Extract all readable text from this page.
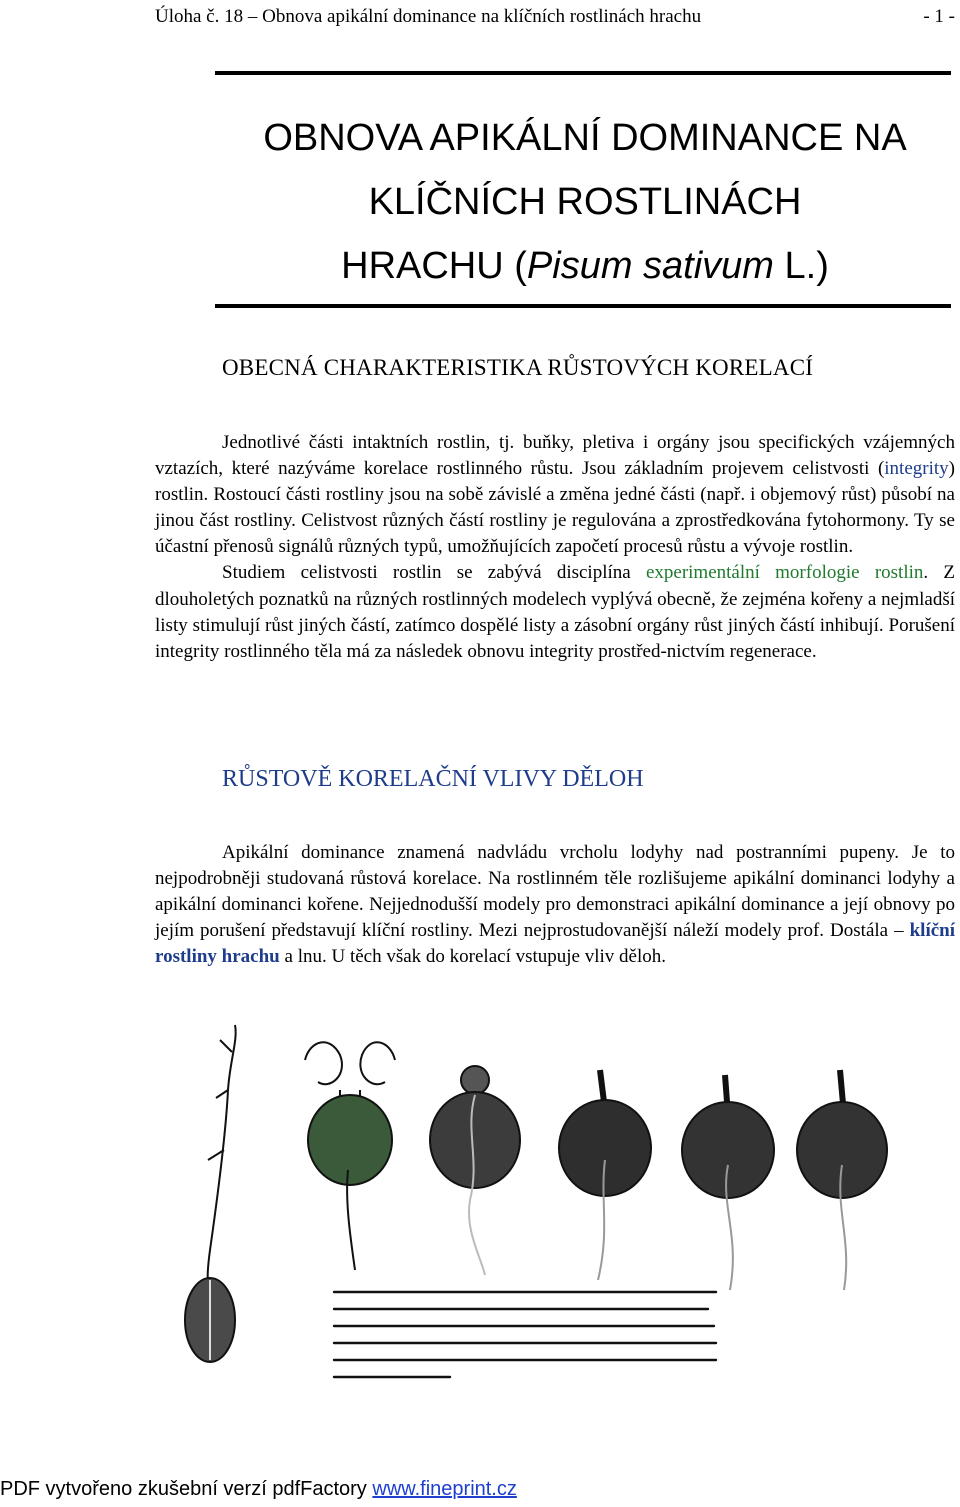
Úloha č. 18 – Obnova apikální dominance na klíčních rostlinách hrachu	- 1 -
OBNOVA APIKÁLNÍ DOMINANCE NA
KLÍČNÍCH ROSTLINÁCH
HRACHU (Pisum sativum L.)
OBECNÁ CHARAKTERISTIKA RŮSTOVÝCH KORELACÍ

Jednotlivé části intaktních rostlin, tj. buňky, pletiva i orgány jsou specifických vzájemných vztazích, které nazýváme korelace rostlinného růstu. Jsou základním projevem celistvosti (integrity) rostlin. Rostoucí části rostliny jsou na sobě závislé a změna jedné části (např. i objemový růst) působí na jinou část rostliny. Celistvost různých částí rostliny je regulována a zprostředkována fytohormony. Ty se účastní přenosů signálů různých typů, umožňujících započetí procesů růstu a vývoje rostlin.

Studiem celistvosti rostlin se zabývá disciplína experimentální morfologie rostlin. Z dlouholetých poznatků na různých rostlinných modelech vyplývá obecně, že zejména kořeny a nejmladší listy stimulují růst jiných částí, zatímco dospělé listy a zásobní orgány růst jiných částí inhibují. Porušení integrity rostlinného těla má za následek obnovu integrity prostřed-nictvím regenerace.

RŮSTOVĚ KORELAČNÍ VLIVY DĚLOH

Apikální dominance znamená nadvládu vrcholu lodyhy nad postranními pupeny. Je to nejpodrobněji studovaná růstová korelace. Na rostlinném těle rozlišujeme apikální dominanci lodyhy a apikální dominanci kořene. Nejjednodušší modely pro demonstraci apikální dominance a její obnovy po jejím porušení představují klíční rostliny. Mezi nejprostudovanější náleží modely prof. Dostála – klíční rostliny hrachu a lnu. U těch však do korelací vstupuje vliv děloh.

PDF vytvořeno zkušební verzí pdfFactory www.fineprint.cz
